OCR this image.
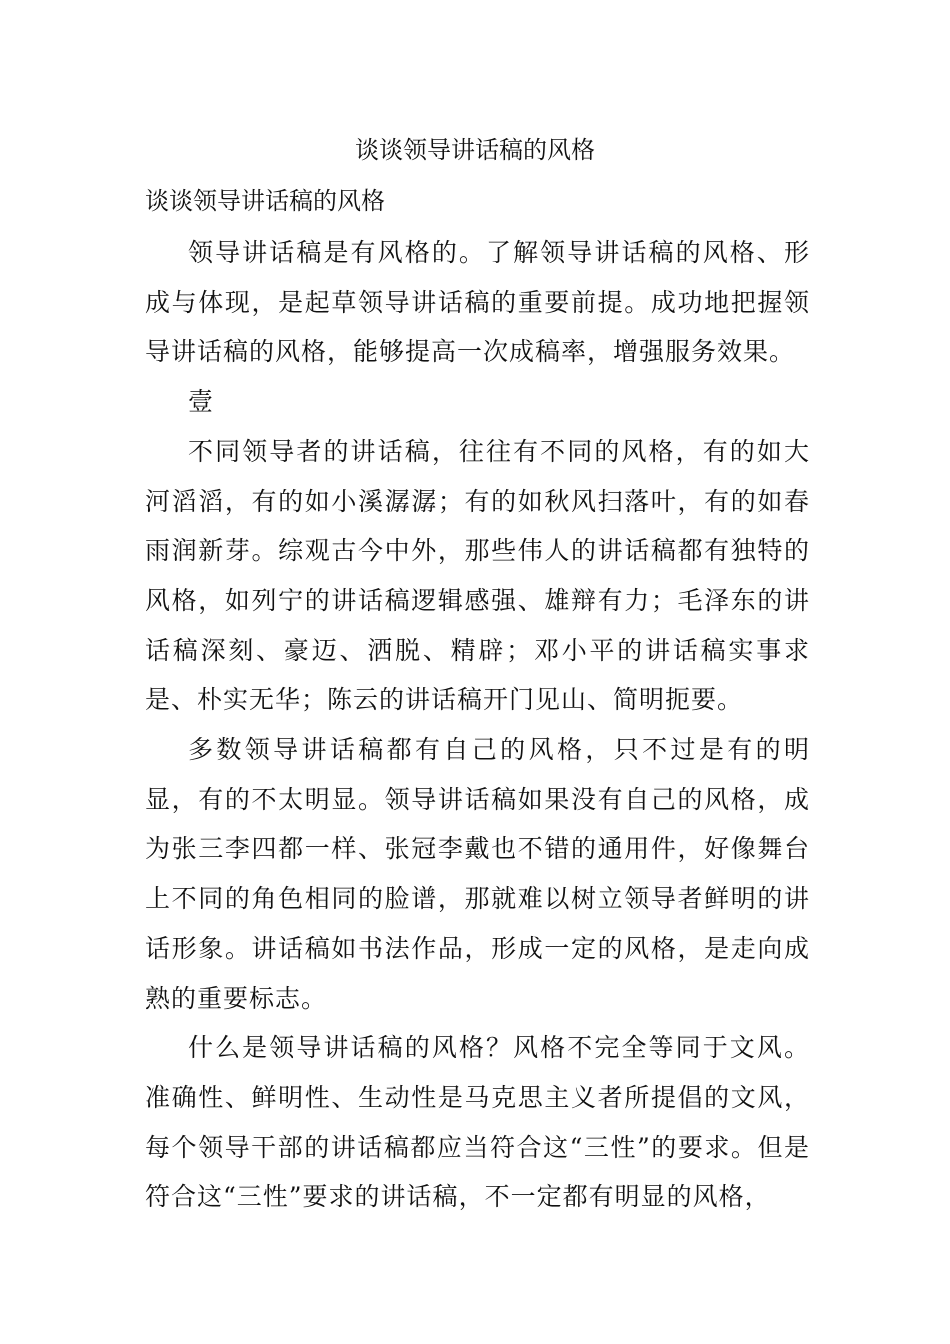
谈谈领导讲话稿的风格
谈谈领导讲话稿的风格

领导讲话稿是有风格的。了解领导讲话稿的风格、形成与体现，是起草领导讲话稿的重要前提。成功地把握领导讲话稿的风格，能够提高一次成稿率，增强服务效果。

壹

不同领导者的讲话稿，往往有不同的风格，有的如大河滔滔，有的如小溪潺潺；有的如秋风扫落叶，有的如春雨润新芽。综观古今中外，那些伟人的讲话稿都有独特的风格，如列宁的讲话稿逻辑感强、雄辩有力；毛泽东的讲话稿深刻、豪迈、洒脱、精辟；邓小平的讲话稿实事求是、朴实无华；陈云的讲话稿开门见山、简明扼要。

多数领导讲话稿都有自己的风格，只不过是有的明显，有的不太明显。领导讲话稿如果没有自己的风格，成为张三李四都一样、张冠李戴也不错的通用件，好像舞台上不同的角色相同的脸谱，那就难以树立领导者鲜明的讲话形象。讲话稿如书法作品，形成一定的风格，是走向成熟的重要标志。

什么是领导讲话稿的风格？风格不完全等同于文风。准确性、鲜明性、生动性是马克思主义者所提倡的文风，每个领导干部的讲话稿都应当符合这“三性”的要求。但是符合这“三性”要求的讲话稿，不一定都有明显的风格，
